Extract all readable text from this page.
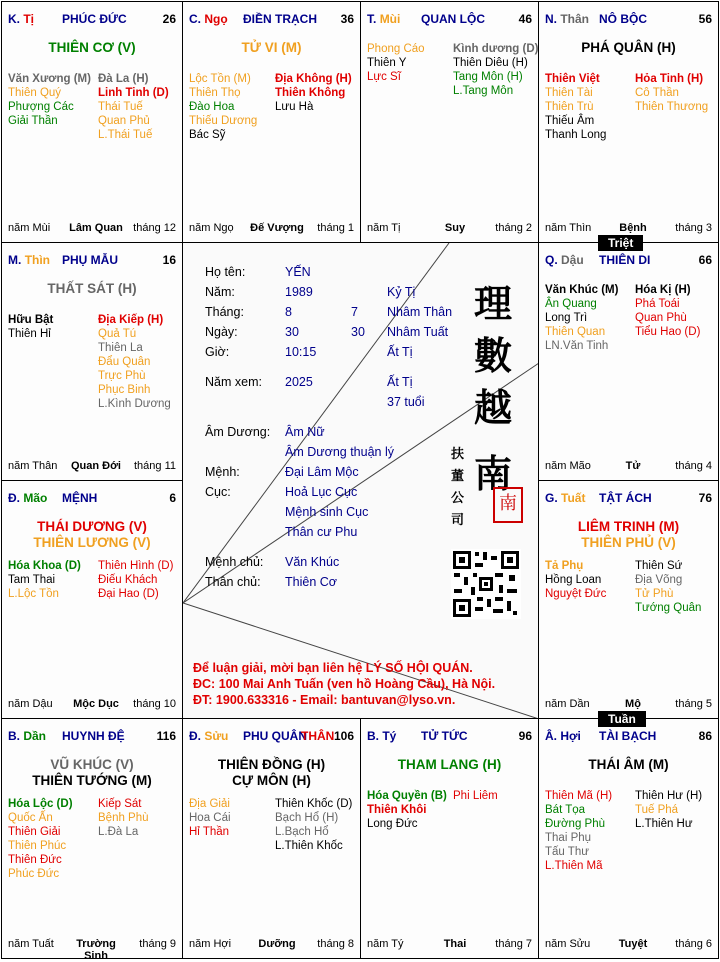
K. Tị PHÚC ĐỨC	26
THIÊN CƠ (V)
Văn Xương (M)
Thiên Quý
Phượng Các
Giải Thần
Đà La (H)
Linh Tinh (D)
Thái Tuế
Quan Phủ
L.Thái Tuế
năm Mùi Lâm Quan tháng 12
C. Ngọ ĐIỀN TRẠCH 36
TỬ VI (M)
Lộc Tồn (M)
Thiên Thọ
Đào Hoa
Thiếu Dương
Bác Sỹ
Địa Không (H)
Thiên Không
Lưu Hà
năm Ngọ Đế Vượng tháng 1
T. Mùi QUAN LỘC	46
Phong Cáo
Thiên Y
Lực Sĩ
Kình dương (D)
Thiên Diêu (H)
Tang Môn (H)
L.Tang Môn
năm Tị	Suy	tháng 2
N. Thân NÔ BỘC	56
PHÁ QUÂN (H)
Thiên Việt
Thiên Tài
Thiên Trù
Thiếu Âm
Thanh Long
Hỏa Tinh (H)
Cô Thần
Thiên Thương
năm Thìn	Bệnh	tháng 3
M. Thìn PHỤ MẪU	16
THẤT SÁT (H)
Hữu Bật
Thiên Hỉ
Địa Kiếp (H)
Quả Tú
Thiên La
Đẩu Quân
Trực Phù
Phục Binh
L.Kình Dương
năm Thân	Quan Đới	tháng 11
Q. Dậu THIÊN DI	66
Văn Khúc (M)
Ân Quang
Long Trì
Thiên Quan
LN.Văn Tinh
Hóa Kị (H)
Phá Toái
Quan Phù
Tiểu Hao (D)
năm Mão	Tử	tháng 4
Đ. Mão MỆNH	6
THÁI DƯƠNG (V)
THIÊN LƯƠNG (V)
Hóa Khoa (D)
Tam Thai
L.Lộc Tồn
Thiên Hình (D)
Điếu Khách
Đại Hao (D)
năm Dậu	Mộc Dục	tháng 10
G. Tuất TẬT ÁCH	76
LIÊM TRINH (M)
THIÊN PHỦ (V)
Tả Phụ
Hồng Loan
Nguyệt Đức
Thiên Sứ
Địa Võng
Tử Phù
Tướng Quân
năm Dần	Mộ	tháng 5
B. Dần HUYNH ĐỆ	116
VŨ KHÚC (V)
THIÊN TƯỚNG (M)
Hóa Lộc (D)
Quốc Ấn
Thiên Giải
Thiên Phúc
Thiên Đức
Phúc Đức
Kiếp Sát
Bệnh Phù
L.Đà La
năm Tuất	Trường Sinh
tháng 9
Đ. Sửu PHU QUÂN
THÂN 106
THIÊN ĐỒNG (H)
CỰ MÔN (H)
Địa Giải
Hoa Cái
Hỉ Thần
Thiên Khốc (D)
Bạch Hổ (H)
L.Bạch Hổ
L.Thiên Khốc
năm Hợi	Dưỡng	tháng 8
B. Tý TỬ TỨC	96
THAM LANG (H)
Hóa Quyền (B)
Thiên Khôi
Long Đức
Phi Liêm
năm Tý	Thai	tháng 7
Â. Hợi TÀI BẠCH	86
THÁI ÂM (M)
Thiên Mã (H)
Bát Tọa
Đường Phù
Thai Phụ
Tấu Thư
L.Thiên Mã
Thiên Hư (H)
Tuế Phá
L.Thiên Hư
năm Sửu	Tuyệt	tháng 6
Họ tên:	YẾN
Năm:	1989	Kỷ Tị
Tháng:	8	7 Nhâm Thân
Ngày:	30	30 Nhâm Tuất
Giờ:	10:15	Ất Tị
Năm xem: 2025	Ất Tị
37 tuổi
Âm Dương: Âm Nữ
Âm Dương thuận lý
Mệnh:	Đại Lâm Mộc
Cục:	Hoả Lục Cục
Mệnh sinh Cục
Thân cư Phu
Mệnh chủ: Văn Khúc
Thân chủ: Thiên Cơ
理
數
越
南
扶
董
公
司
南
Để luận giải, mời bạn liên hệ LÝ SỐ HỘI QUÁN.
ĐC: 100 Mai Anh Tuấn (ven hồ Hoàng Cầu), Hà Nội.
ĐT: 1900.633316 - Email: bantuvan@lyso.vn.
Triệt
Tuần
